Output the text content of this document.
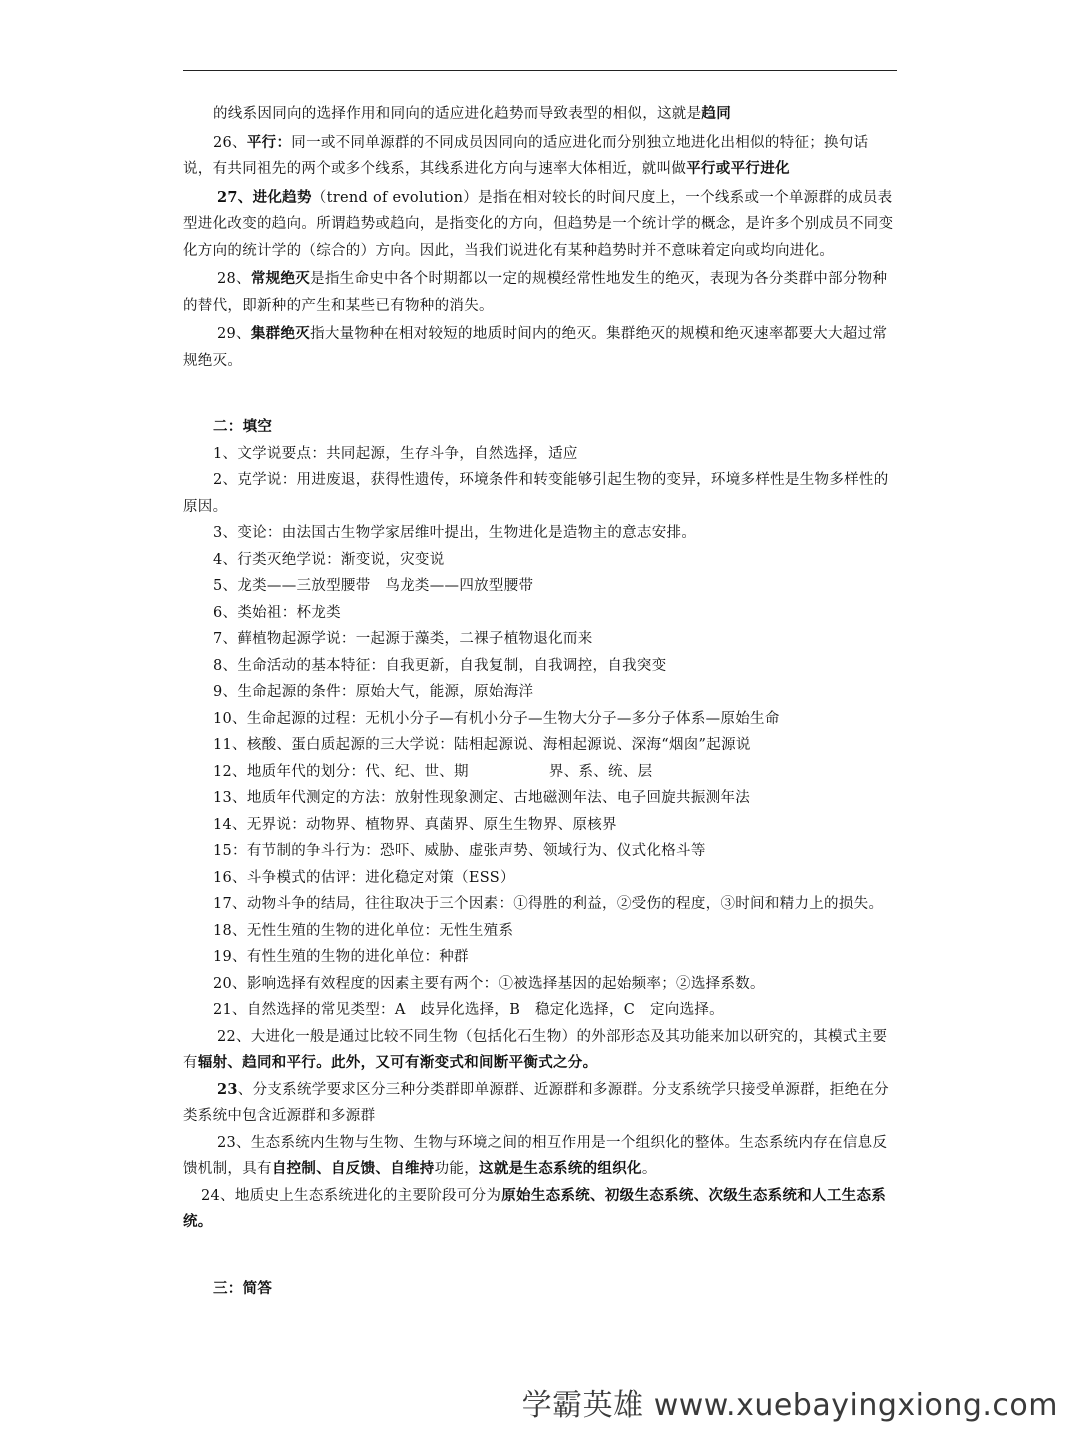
的线系因同向的选择作用和同向的适应进化趋势而导致表型的相似，这就是趋同

26、平行：同一或不同单源群的不同成员因同向的适应进化而分别独立地进化出相似的特征；换句话说，有共同祖先的两个或多个线系，其线系进化方向与速率大体相近，就叫做平行或平行进化

27、进化趋势（trend of evolution）是指在相对较长的时间尺度上，一个线系或一个单源群的成员表型进化改变的趋向。所谓趋势或趋向，是指变化的方向，但趋势是一个统计学的概念，是许多个别成员不同变化方向的统计学的（综合的）方向。因此，当我们说进化有某种趋势时并不意味着定向或均向进化。

28、常规绝灭是指生命史中各个时期都以一定的规模经常性地发生的绝灭，表现为各分类群中部分物种的替代，即新种的产生和某些已有物种的消失。

29、集群绝灭指大量物种在相对较短的地质时间内的绝灭。集群绝灭的规模和绝灭速率都要大大超过常规绝灭。

二：填空

1、文学说要点：共同起源，生存斗争，自然选择，适应

2、克学说：用进废退，获得性遗传，环境条件和转变能够引起生物的变异，环境多样性是生物多样性的原因。

3、变论：由法国古生物学家居维叶提出，生物进化是造物主的意志安排。

4、行类灭绝学说：渐变说，灾变说

5、龙类——三放型腰带　鸟龙类——四放型腰带

6、类始祖：杯龙类

7、藓植物起源学说：一起源于藻类，二裸子植物退化而来

8、生命活动的基本特征：自我更新，自我复制，自我调控，自我突变

9、生命起源的条件：原始大气，能源，原始海洋

10、生命起源的过程：无机小分子—有机小分子—生物大分子—多分子体系—原始生命

11、核酸、蛋白质起源的三大学说：陆相起源说、海相起源说、深海“烟囱”起源说

12、地质年代的划分：代、纪、世、期	界、系、统、层

13、地质年代测定的方法：放射性现象测定、古地磁测年法、电子回旋共振测年法

14、无界说：动物界、植物界、真菌界、原生生物界、原核界

15：有节制的争斗行为：恐吓、威胁、虚张声势、领域行为、仪式化格斗等

16、斗争模式的估评：进化稳定对策（ESS）

17、动物斗争的结局，往往取决于三个因素：①得胜的利益，②受伤的程度，③时间和精力上的损失。

18、无性生殖的生物的进化单位：无性生殖系

19、有性生殖的生物的进化单位：种群

20、影响选择有效程度的因素主要有两个：①被选择基因的起始频率；②选择系数。

21、自然选择的常见类型：A　歧异化选择，B　稳定化选择，C　定向选择。

22、大进化一般是通过比较不同生物（包括化石生物）的外部形态及其功能来加以研究的，其模式主要有辐射、趋同和平行。此外，又可有渐变式和间断平衡式之分。

23、分支系统学要求区分三种分类群即单源群、近源群和多源群。分支系统学只接受单源群，拒绝在分类系统中包含近源群和多源群

23、生态系统内生物与生物、生物与环境之间的相互作用是一个组织化的整体。生态系统内存在信息反馈机制，具有自控制、自反馈、自维持功能，这就是生态系统的组织化。

24、地质史上生态系统进化的主要阶段可分为原始生态系统、初级生态系统、次级生态系统和人工生态系统。

三：简答

学霸英雄 www.xuebayingxiong.com
